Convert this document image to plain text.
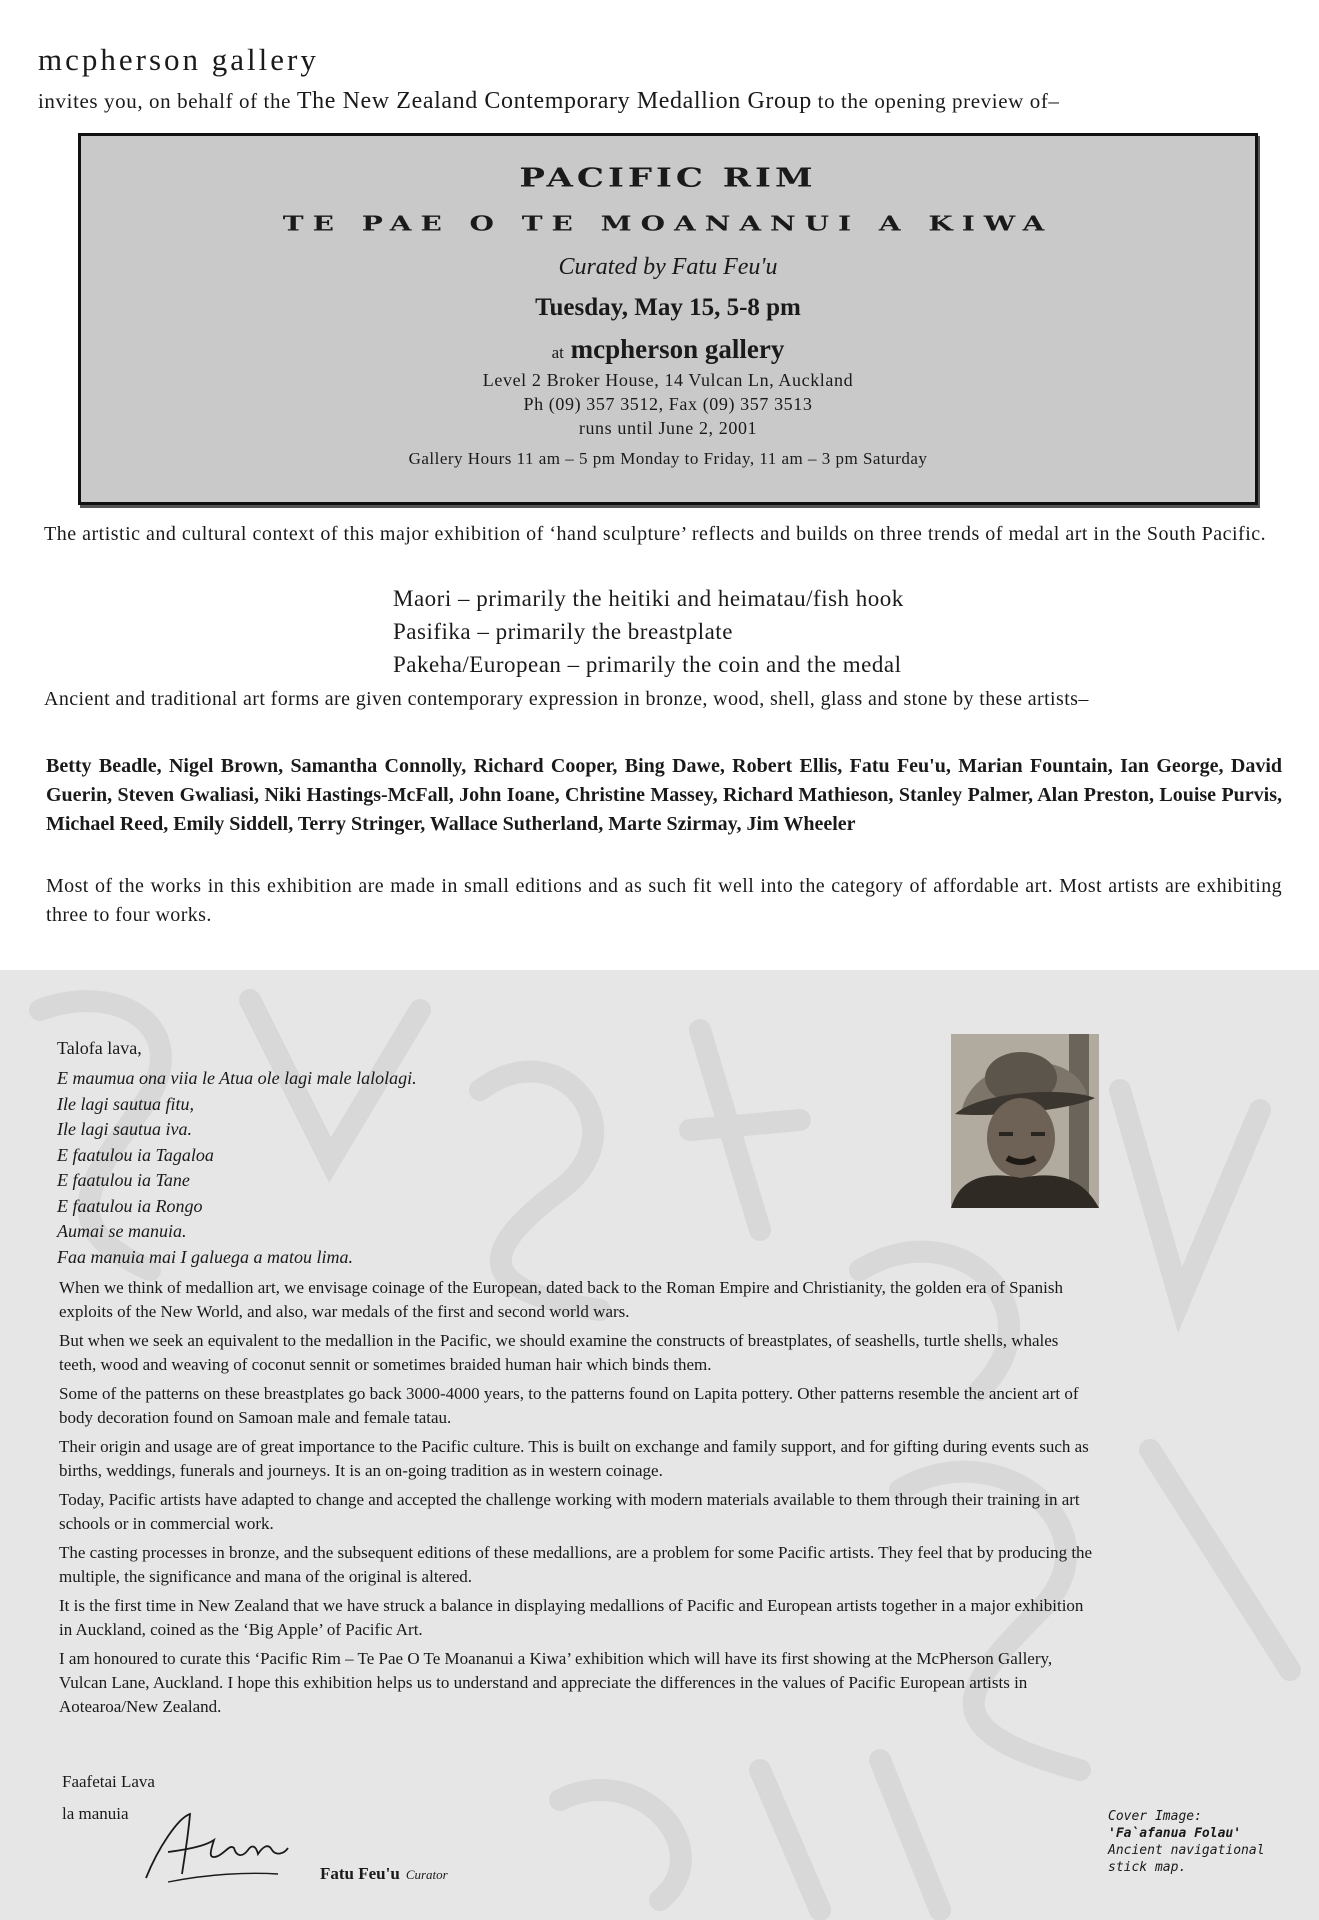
mcpherson gallery
invites you, on behalf of the The New Zealand Contemporary Medallion Group to the opening preview of–
PACIFIC RIM
TE PAE O TE MOANANUI A KIWA
Curated by Fatu Feu'u
Tuesday, May 15, 5-8 pm
at mcpherson gallery
Level 2 Broker House, 14 Vulcan Ln, Auckland
Ph (09) 357 3512, Fax (09) 357 3513
runs until June 2, 2001
Gallery Hours 11 am – 5 pm Monday to Friday, 11 am – 3 pm Saturday
The artistic and cultural context of this major exhibition of ‘hand sculpture’ reflects and builds on three trends of medal art in the South Pacific.
Maori – primarily the heitiki and heimatau/fish hook
Pasifika – primarily the breastplate
Pakeha/European – primarily the coin and the medal
Ancient and traditional art forms are given contemporary expression in bronze, wood, shell, glass and stone by these artists–
Betty Beadle, Nigel Brown, Samantha Connolly, Richard Cooper, Bing Dawe, Robert Ellis, Fatu Feu'u, Marian Fountain, Ian George, David Guerin, Steven Gwaliasi, Niki Hastings-McFall, John Ioane, Christine Massey, Richard Mathieson, Stanley Palmer, Alan Preston, Louise Purvis, Michael Reed, Emily Siddell, Terry Stringer, Wallace Sutherland, Marte Szirmay, Jim Wheeler
Most of the works in this exhibition are made in small editions and as such fit well into the category of affordable art. Most artists are exhibiting three to four works.
Talofa lava,
E maumua ona viia le Atua ole lagi male lalolagi.
Ile lagi sautua fitu,
Ile lagi sautua iva.
E faatulou ia Tagaloa
E faatulou ia Tane
E faatulou ia Rongo
Aumai se manuia.
Faa manuia mai I galuega a matou lima.

When we think of medallion art, we envisage coinage of the European, dated back to the Roman Empire and Christianity, the golden era of Spanish exploits of the New World, and also, war medals of the first and second world wars.

But when we seek an equivalent to the medallion in the Pacific, we should examine the constructs of breastplates, of seashells, turtle shells, whales teeth, wood and weaving of coconut sennit or sometimes braided human hair which binds them.

Some of the patterns on these breastplates go back 3000-4000 years, to the patterns found on Lapita pottery. Other patterns resemble the ancient art of body decoration found on Samoan male and female tatau.

Their origin and usage are of great importance to the Pacific culture. This is built on exchange and family support, and for gifting during events such as births, weddings, funerals and journeys. It is an on-going tradition as in western coinage.

Today, Pacific artists have adapted to change and accepted the challenge working with modern materials available to them through their training in art schools or in commercial work.

The casting processes in bronze, and the subsequent editions of these medallions, are a problem for some Pacific artists. They feel that by producing the multiple, the significance and mana of the original is altered.

It is the first time in New Zealand that we have struck a balance in displaying medallions of Pacific and European artists together in a major exhibition in Auckland, coined as the ‘Big Apple’ of Pacific Art.

I am honoured to curate this ‘Pacific Rim – Te Pae O Te Moananui a Kiwa’ exhibition which will have its first showing at the McPherson Gallery, Vulcan Lane, Auckland. I hope this exhibition helps us to understand and appreciate the differences in the values of Pacific European artists in Aotearoa/New Zealand.

Faafetai Lava
la manuia
Fatu Feu'u Curator
Cover Image:
'Fa`afanua Folau'
Ancient navigational
stick map.
